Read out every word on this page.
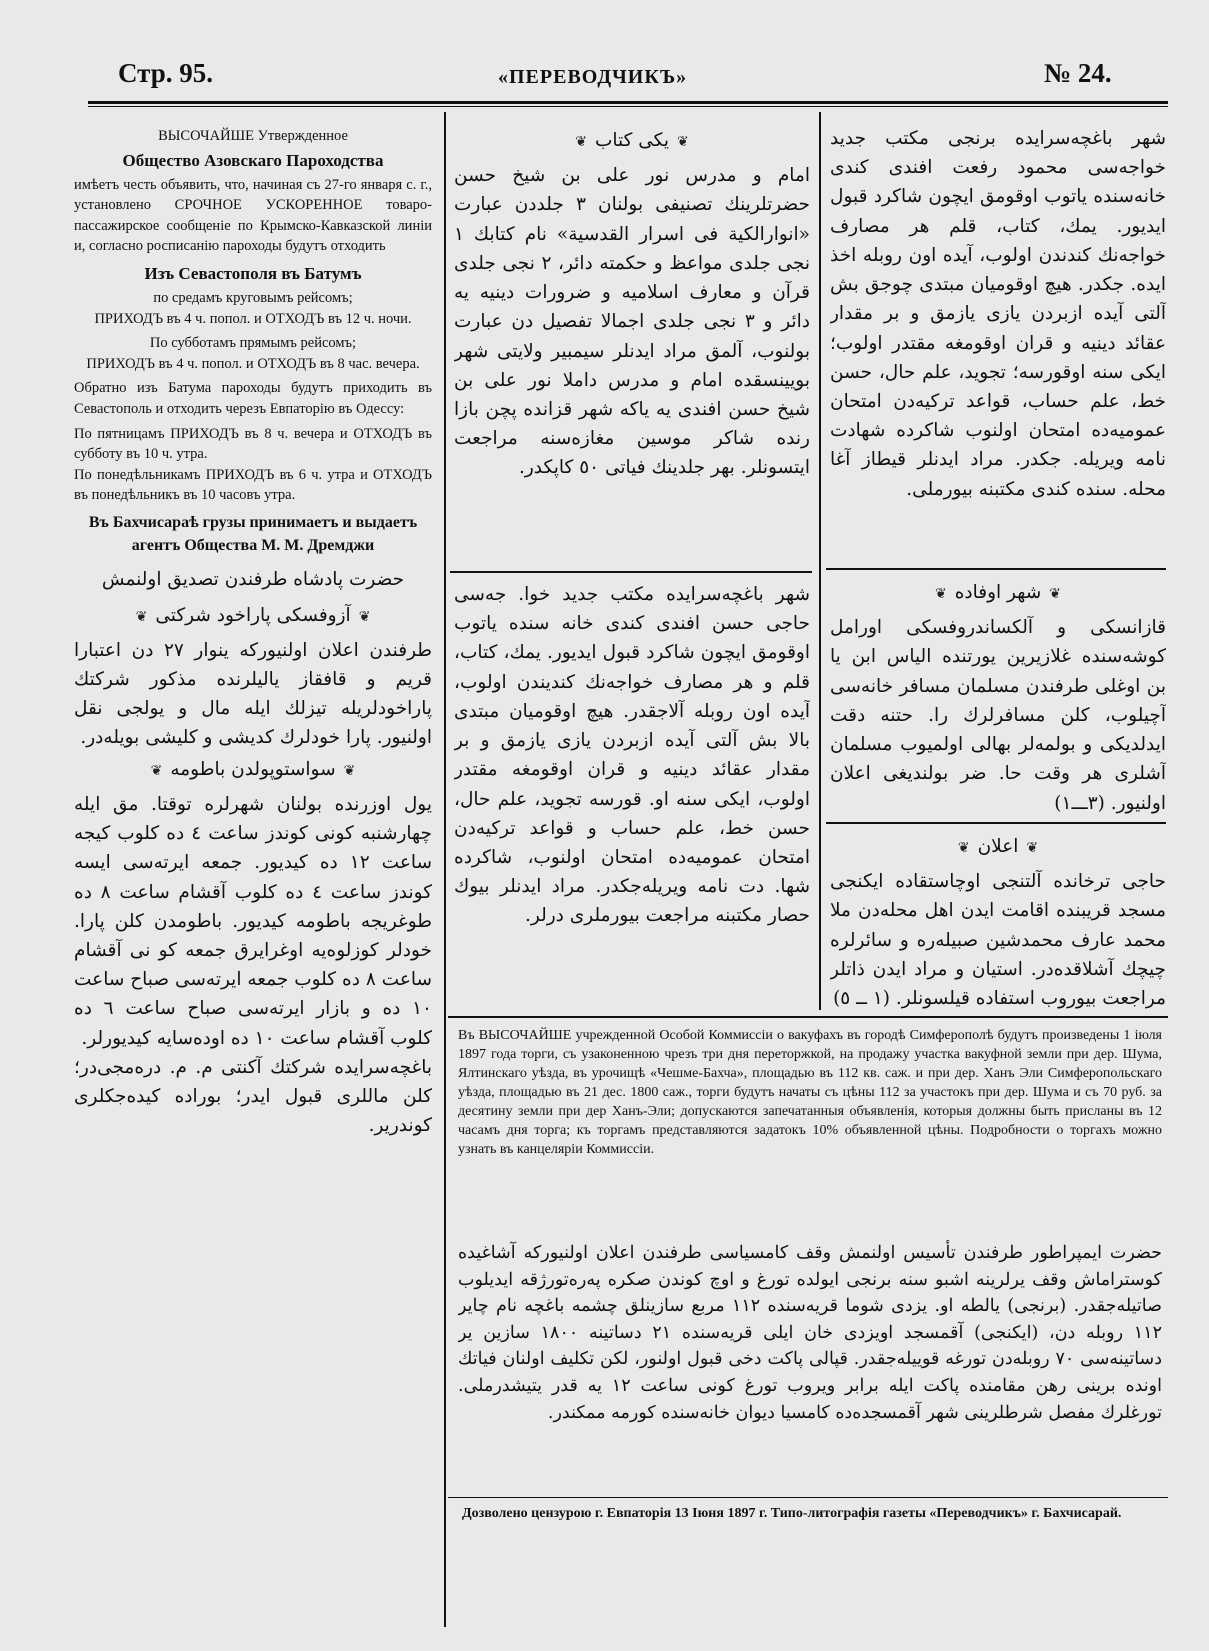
Стр. 95.	«ПЕРЕВОДЧИКЪ»	№ 24.
ВЫСОЧАЙШЕ Утвержденное
Общество Азовскаго Пароходства

имѣетъ честь объявить, что, начиная съ 27-го января с. г., установлено СРОЧНОЕ УСКОРЕННОЕ товаро-пассажирское сообщеніе по Крымско-Кавказской линіи и, согласно росписанію пароходы будутъ отходить

Изъ Севастополя въ Батумъ
по средамъ круговымъ рейсомъ;
ПРИХОДЪ въ 4 ч. попол. и ОТХОДЪ въ 12 ч. ночи.
По субботамъ прямымъ рейсомъ;
ПРИХОДЪ въ 4 ч. попол. и ОТХОДЪ въ 8 час. вечера.

Обратно изъ Батума пароходы будутъ приходить въ Севастополь и отходить черезъ Евпаторію въ Одессу:

По пятницамъ ПРИХОДЪ въ 8 ч. вечера и ОТХОДЪ въ субботу въ 10 ч. утра.

По понедѣльникамъ ПРИХОДЪ въ 6 ч. утра и ОТХОДЪ въ понедѣльникъ въ 10 часовъ утра.

Въ Бахчисараѣ грузы принимаетъ и выдаетъ агентъ Общества М. М. Дремджи

حضرت پادشاه طرفندن تصدیق اولنمش
❦آزوفسکی پاراخود شرکتی❦

طرفندن اعلان اولنیورکه ینوار ٢٧ دن اعتبارا قریم و قافقاز یالیلرنده مذکور شرکتك پاراخودلریله تیزلك ایله مال و یولجی نقل اولنیور. پارا خودلرك کدیشی و کلیشی بویلەدر.

❦سواستوپولدن باطومه❦

یول اوزرنده بولنان شهرلره توقتا. مق ایله چهارشنبه کونی کوندز ساعت ٤ ده کلوب کیجه ساعت ١٢ ده کیدیور. جمعه ایرته‌سی ایسه کوندز ساعت ٤ ده کلوب آقشام ساعت ٨ ده طوغریجه باطومه کیدیور. باطومدن کلن پارا. خودلر کوزلوه‌یه اوغرایرق جمعه کو نی آقشام ساعت ٨ ده کلوب جمعه ایرته‌سی صباح ساعت ١٠ ده و بازار ایرته‌سی صباح ساعت ٦ ده کلوب آقشام ساعت ١٠ ده اوده‌سایه کیدیورلر.

باغچه‌سرایده شرکتك آکنتی م. م. درەمجی‌در؛ کلن ماللری قبول ایدر؛ بوراده کیده‌جکلری کوندریر.

❦یکی کتاب❦

امام و مدرس نور علی بن شیخ حسن حضرتلرینك تصنیفی بولنان ٣ جلددن عبارت «انوارالکیة فی اسرار القدسیة» نام کتابك ١ نجی جلدی مواعظ و حکمتە دائر، ٢ نجی جلدی قرآن و معارف اسلامیه و ضرورات دینیه یه دائر و ٣ نجی جلدی اجمالا تفصیل دن عبارت بولنوب، آلمق مراد ایدنلر سیمبیر ولایتی شهر بویینسقده امام و مدرس داملا نور علی بن شیخ حسن افندی یه یاکه شهر قزانده پچن بازا رنده شاکر موسین مغازەسنه مراجعت ایتسونلر. بهر جلدینك فیاتی ٥٠ کاپکدر.

شهر باغچه‌سرایده مکتب جدید خوا. جه‌سی حاجی حسن افندی کندی خانه سنده یاتوب اوقومق ایچون شاکرد قبول ایدیور. یمك، کتاب، قلم و هر مصارف خواجه‌نك کندیندن اولوب، آیده اون روبله آلاجقدر. هیچ اوقومیان مبتدی بالا بش آلتی آیده ازبردن یازی یازمق و بر مقدار عقائد دینیه و قران اوقومغه مقتدر اولوب، ایکی سنه او. قورسه تجوید، علم حال، حسن خط، علم حساب و قواعد ترکیه‌دن امتحان عمومیه‌ده امتحان اولنوب، شاکرده شها. دت نامه ویریله‌جکدر. مراد ایدنلر بیوك حصار مکتبنه مراجعت بیورملری درلر.

شهر باغچه‌سرایده برنجی مکتب جدید خواجه‌سی محمود رفعت افندی کندی خانه‌سنده یاتوب اوقومق ایچون شاکرد قبول ایدیور. یمك، کتاب، قلم هر مصارف خواجه‌نك کندندن اولوب، آیده اون روبله اخذ ایده. جکدر. هیچ اوقومیان مبتدی چوجق بش آلتی آیده ازبردن یازی یازمق و بر مقدار عقائد دینیه و قران اوقومغه مقتدر اولوب؛ ایکی سنه اوقورسه؛ تجوید، علم حال، حسن خط، علم حساب، قواعد ترکیه‌دن امتحان عمومیه‌ده امتحان اولنوب شاکرده شهادت نامه ویریله. جکدر. مراد ایدنلر قیطاز آغا محله. سنده کندی مکتبنه بیورملی.

❦شهر اوفاده❦

قازانسکی و آلکساندروفسکی اورامل کوشه‌سنده غلازیرین یورتنده الیاس ابن یا بن اوغلی طرفندن مسلمان مسافر خانه‌سی آچیلوب، کلن مسافرلرك را. حتنه دقت ایدلدیکی و بولمه‌لر بهالی اولمیوب مسلمان آشلری هر وقت حا. ضر بولندیغی اعلان اولنیور. (٣ـــ١)

❦اعلان❦

حاجی ترخانده آلتنجی اوچاستقاده ایکنجی مسجد قریبنده اقامت ایدن اهل محله‌دن ملا محمد عارف محمدشین صبیله‌ره و سائرلره چیچك آشلاقده‌در. استیان و مراد ایدن ذاتلر مراجعت بیوروب استفاده قیلسونلر. (١ ــ ٥)

Въ ВЫСОЧАЙШЕ учрежденной Особой Коммиссіи о вакуфахъ въ городѣ Симферополѣ будутъ произведены 1 іюля 1897 года торги, съ узаконенною чрезъ три дня переторжкой, на продажу участка вакуфной земли при дер. Шума, Ялтинскаго уѣзда, въ урочищѣ «Чешме-Бахча», площадью въ 112 кв. саж. и при дер. Ханъ Эли Симферопольскаго уѣзда, площадью въ 21 дес. 1800 саж., торги будутъ начаты съ цѣны 112 за участокъ при дер. Шума и съ 70 руб. за десятину земли при дер Ханъ-Эли; допускаются запечатанныя объявленія, которыя должны быть присланы въ 12 часамъ дня торга; къ торгамъ представляются задатокъ 10% объявленной цѣны. Подробности о торгахъ можно узнать въ канцеляріи Коммиссіи.
حضرت ایمپراطور طرفندن تأسیس اولنمش وقف کامسیاسی طرفندن اعلان اولنیورکه آشاغیده کوستراماش وقف یرلرینه اشبو سنه برنجی ایولده تورغ و اوچ کوندن صکره پەرەتورژقه ایدیلوب صاتیله‌جقدر. (برنجی) یالطه او. یزدی شوما قریه‌سنده ١١٢ مربع سازینلق چشمه باغچه نام چایر ١١٢ روبله دن، (ایکنجی) آقمسجد اویزدی خان ایلی قریه‌سنده ٢١ دساتینه ١٨٠٠ سازین یر دساتینه‌سی ٧٠ روبله‌دن تورغه قوییله‌جقدر. قپالی پاکت دخی قبول اولنور، لکن تکلیف اولنان فیاتك اونده برینی رهن مقامنده پاکت ایله برابر ویروب تورغ کونی ساعت ١٢ یه قدر یتیشدرملی. تورغلرك مفصل شرطلرینی شهر آقمسجده‌ده کامسیا دیوان خانه‌سنده کورمه ممکندر.
Дозволено цензурою г. Евпаторія 13 Іюня 1897 г. Типо-литографія газеты «Переводчикъ» г. Бахчисарай.
